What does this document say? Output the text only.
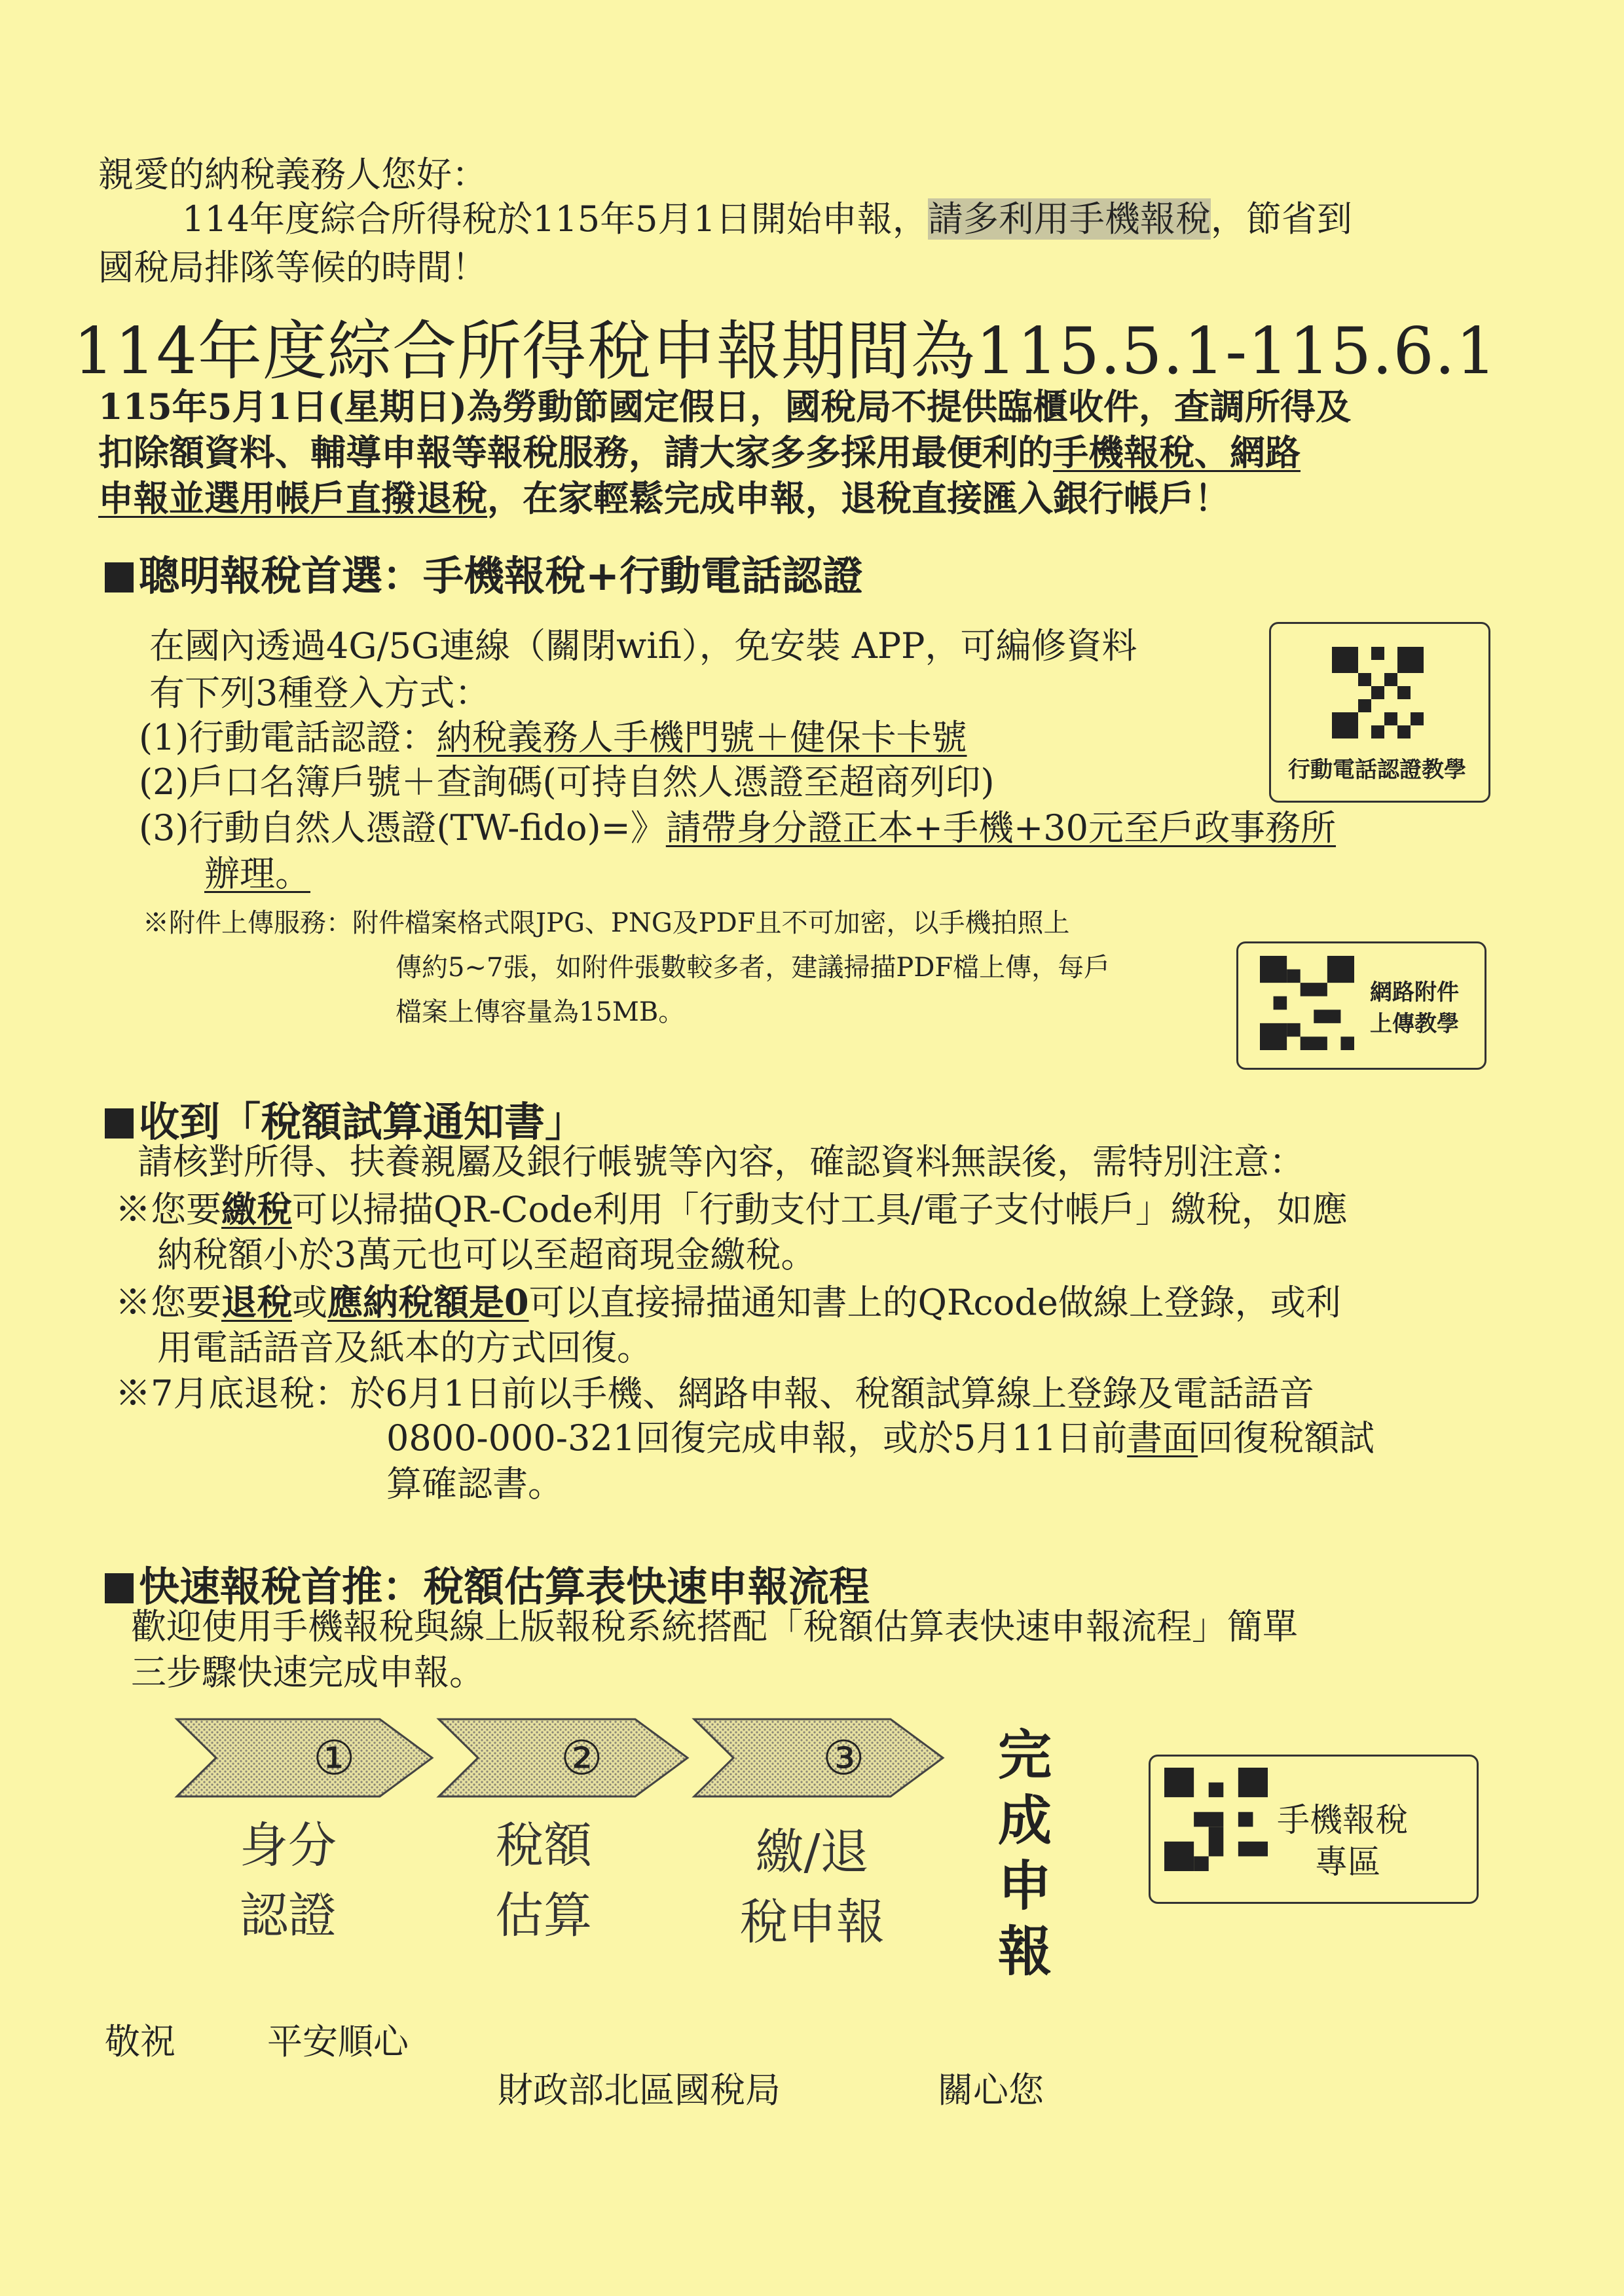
親愛的納稅義務人您好：
114年度綜合所得稅於115年5月1日開始申報，請多利用手機報稅，節省到
國稅局排隊等候的時間！
114年度綜合所得稅申報期間為115.5.1-115.6.1
115年5月1日(星期日)為勞動節國定假日，國稅局不提供臨櫃收件，查調所得及
扣除額資料、輔導申報等報稅服務，請大家多多採用最便利的手機報稅、網路
申報並選用帳戶直撥退稅，在家輕鬆完成申報，退稅直接匯入銀行帳戶！
聰明報稅首選：手機報稅+行動電話認證
在國內透過4G/5G連線（關閉wifi），免安裝 APP，可編修資料
有下列3種登入方式：
(1)行動電話認證：納稅義務人手機門號＋健保卡卡號
(2)戶口名簿戶號＋查詢碼(可持自然人憑證至超商列印)
(3)行動自然人憑證(TW-fido)=》請帶身分證正本+手機+30元至戶政事務所
辦理。
行動電話認證教學
※附件上傳服務：附件檔案格式限JPG、PNG及PDF且不可加密，以手機拍照上
傳約5~7張，如附件張數較多者，建議掃描PDF檔上傳，每戶
檔案上傳容量為15MB。
網路附件
上傳教學
收到「稅額試算通知書」
請核對所得、扶養親屬及銀行帳號等內容，確認資料無誤後，需特別注意：
※您要繳稅可以掃描QR-Code利用「行動支付工具/電子支付帳戶」繳稅，如應
納稅額小於3萬元也可以至超商現金繳稅。
※您要退稅或應納稅額是0可以直接掃描通知書上的QRcode做線上登錄，或利
用電話語音及紙本的方式回復。
※7月底退稅：於6月1日前以手機、網路申報、稅額試算線上登錄及電話語音
0800-000-321回復完成申報，或於5月11日前書面回復稅額試
算確認書。
快速報稅首推：稅額估算表快速申報流程
歡迎使用手機報稅與線上版報稅系統搭配「稅額估算表快速申報流程」簡單
三步驟快速完成申報。
①	②	③
身分
認證
稅額
估算
繳/退
稅申報
完成申報
手機報稅
專區
敬祝	平安順心
財政部北區國稅局	關心您
